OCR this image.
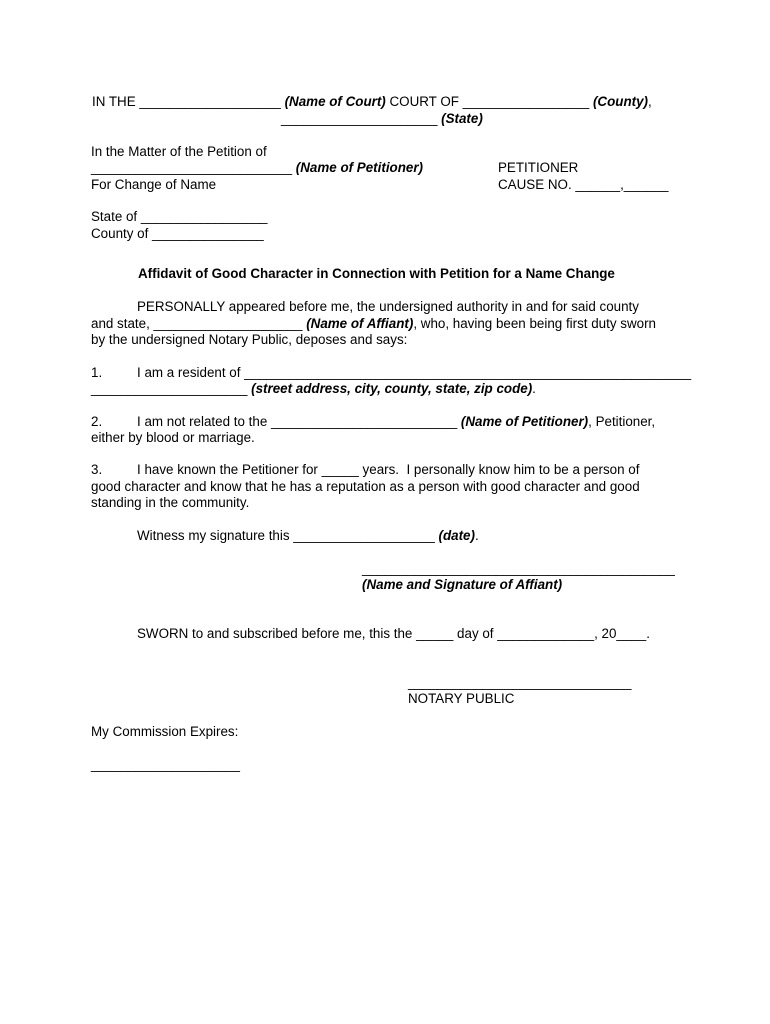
IN THE ___________________ (Name of Court) COURT OF _________________ (County),
_____________________ (State)
In the Matter of the Petition of
___________________________ (Name of Petitioner)	PETITIONER
For Change of Name	CAUSE NO. ______,______
State of _________________
County of _______________
Affidavit of Good Character in Connection with Petition for a Name Change
PERSONALLY appeared before me, the undersigned authority in and for said county
and state, ____________________ (Name of Affiant), who, having been being first duty sworn
by the undersigned Notary Public, deposes and says:
1.	I am a resident of ____________________________________________________________
_____________________ (street address, city, county, state, zip code).
2.	I am not related to the _________________________ (Name of Petitioner), Petitioner,
either by blood or marriage.
3.	I have known the Petitioner for _____ years.  I personally know him to be a person of
good character and know that he has a reputation as a person with good character and good
standing in the community.
Witness my signature this ___________________ (date).
__________________________________________
(Name and Signature of Affiant)
SWORN to and subscribed before me, this the _____ day of _____________, 20____.
______________________________
NOTARY PUBLIC
My Commission Expires:
____________________
